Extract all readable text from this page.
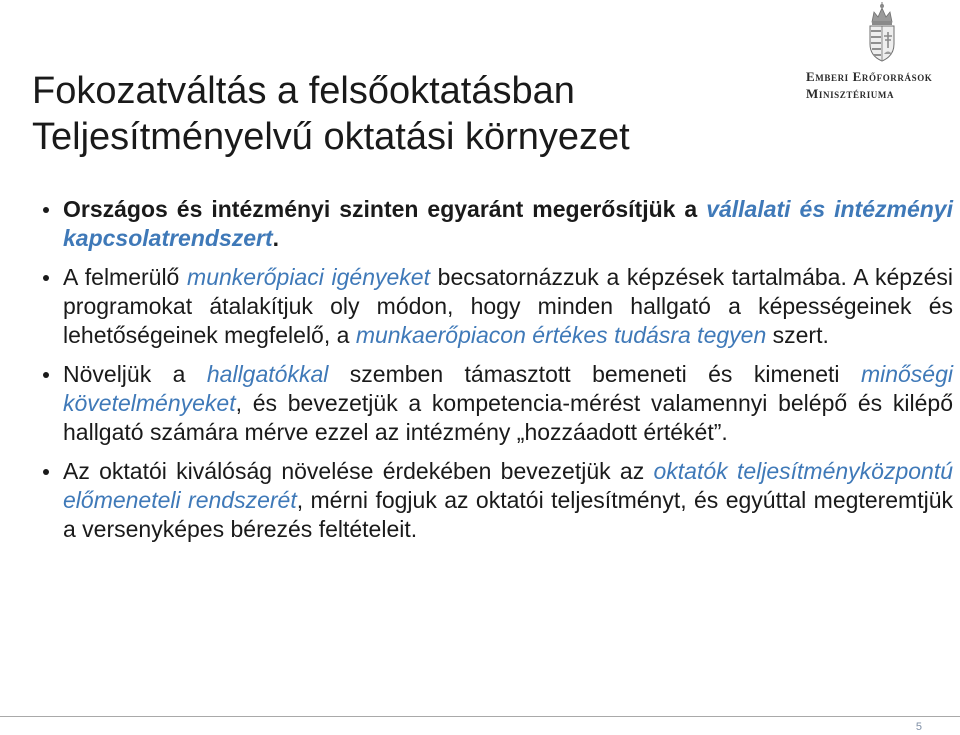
Fokozatváltás a felsőoktatásban
Teljesítményelvű oktatási környezet
Emberi Erőforrások
Minisztériuma
Országos és intézményi szinten egyaránt megerősítjük a vállalati és intézményi kapcsolatrendszert.
A felmerülő munkerőpiaci igényeket becsatornázzuk a képzések tartalmába. A képzési programokat átalakítjuk oly módon, hogy minden hallgató a képességeinek és lehetőségeinek megfelelő, a munkaerőpiacon értékes tudásra tegyen szert.
Növeljük a hallgatókkal szemben támasztott bemeneti és kimeneti minőségi követelményeket, és bevezetjük a kompetencia-mérést valamennyi belépő és kilépő hallgató számára mérve ezzel az intézmény „hozzáadott értékét”.
Az oktatói kiválóság növelése érdekében bevezetjük az oktatók teljesítményközpontú előmeneteli rendszerét, mérni fogjuk az oktatói teljesítményt, és egyúttal megteremtjük a versenyképes bérezés feltételeit.
5
